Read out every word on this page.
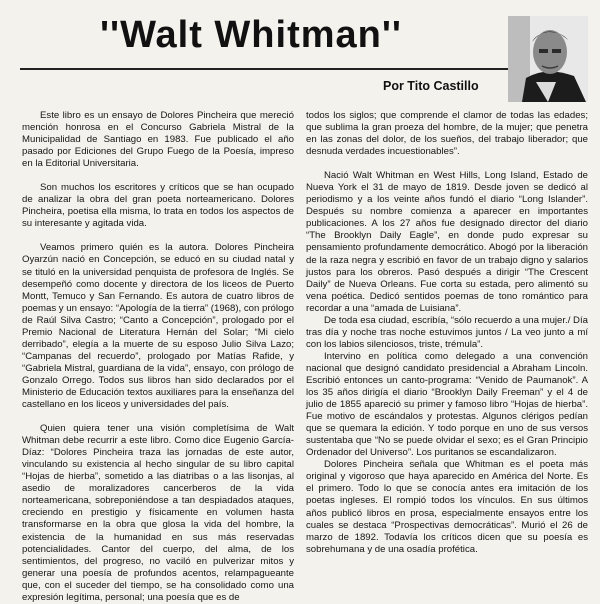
''Walt Whitman''
Por Tito Castillo

Este libro es un ensayo de Dolores Pincheira que mereció mención honrosa en el Concurso Gabriela Mistral de la Municipalidad de Santiago en 1983. Fue publicado el año pasado por Ediciones del Grupo Fuego de la Poesía, impreso en la Editorial Universitaria.

Son muchos los escritores y críticos que se han ocupado de analizar la obra del gran poeta norteamericano. Dolores Pincheira, poetisa ella misma, lo trata en todos los aspectos de su interesante y agitada vida.

Veamos primero quién es la autora. Dolores Pincheira Oyarzún nació en Concepción, se educó en su ciudad natal y se tituló en la universidad penquista de profesora de Inglés. Se desempeñó como docente y directora de los liceos de Puerto Montt, Temuco y San Fernando. Es autora de cuatro libros de poemas y un ensayo: “Apología de la tierra” (1968), con prólogo de Raúl Silva Castro; “Canto a Concepción”, prologado por el Premio Nacional de Literatura Hernán del Solar; “Mi cielo derribado”, elegía a la muerte de su esposo Julio Silva Lazo; “Campanas del recuerdo”, prologado por Matías Rafide, y “Gabriela Mistral, guardiana de la vida”, ensayo, con prólogo de Gonzalo Orrego. Todos sus libros han sido declarados por el Ministerio de Educación textos auxiliares para la enseñanza del castellano en los liceos y universidades del país.

Quien quiera tener una visión completísima de Walt Whitman debe recurrir a este libro. Como dice Eugenio García-Díaz: “Dolores Pincheira traza las jornadas de este autor, vinculando su existencia al hecho singular de su libro capital “Hojas de hierba”, sometido a las diatribas o a las lisonjas, al asedio de moralizadores cancerberos de la vida norteamericana, sobreponiéndose a tan despiadados ataques, creciendo en prestigio y físicamente en volumen hasta transformarse en la obra que glosa la vida del hombre, la existencia de la humanidad en sus más reservadas potencialidades. Cantor del cuerpo, del alma, de los sentimientos, del progreso, no vaciló en pulverizar mitos y generar una poesía de profundos acentos, relampagueante que, con el suceder del tiempo, se ha consolidado como una expresión legítima, personal; una poesía que es de

todos los siglos; que comprende el clamor de todas las edades; que sublima la gran proeza del hombre, de la mujer; que penetra en las zonas del dolor, de los sueños, del trabajo liberador; que desnuda verdades incuestionables”.

Nació Walt Whitman en West Hills, Long Island, Estado de Nueva York el 31 de mayo de 1819. Desde joven se dedicó al periodismo y a los veinte años fundó el diario “Long Islander”. Después su nombre comienza a aparecer en importantes publicaciones. A los 27 años fue designado director del diario “The Brooklyn Daily Eagle”, en donde pudo expresar su pensamiento profundamente democrático. Abogó por la liberación de la raza negra y escribió en favor de un trabajo digno y salarios justos para los obreros. Pasó después a dirigir “The Crescent Daily” de Nueva Orleans. Fue corta su estada, pero alimentó su vena poética. Dedicó sentidos poemas de tono romántico para recordar a una “amada de Luisiana”.

De toda esa ciudad, escribía, “sólo recuerdo a una mujer./ Día tras día y noche tras noche estuvimos juntos / La veo junto a mí con los labios silenciosos, triste, trémula”.

Intervino en política como delegado a una convención nacional que designó candidato presidencial a Abraham Lincoln. Escribió entonces un canto-programa: “Venido de Paumanok”. A los 35 años dirigía el diario “Brooklyn Daily Freeman” y el 4 de julio de 1855 apareció su primer y famoso libro “Hojas de hierba”. Fue motivo de escándalos y protestas. Algunos clérigos pedían que se quemara la edición. Y todo porque en uno de sus versos sustentaba que “No se puede olvidar el sexo; es el Gran Principio Ordenador del Universo”. Los puritanos se escandalizaron.

Dolores Pincheira señala que Whitman es el poeta más original y vigoroso que haya aparecido en América del Norte. Es el primero. Todo lo que se conocía antes era imitación de los poetas ingleses. El rompió todos los vínculos. En sus últimos años publicó libros en prosa, especialmente ensayos entre los cuales se destaca “Prospectivas democráticas”. Murió el 26 de marzo de 1892. Todavía los críticos dicen que su poesía es sobrehumana y de una osadía profética.
